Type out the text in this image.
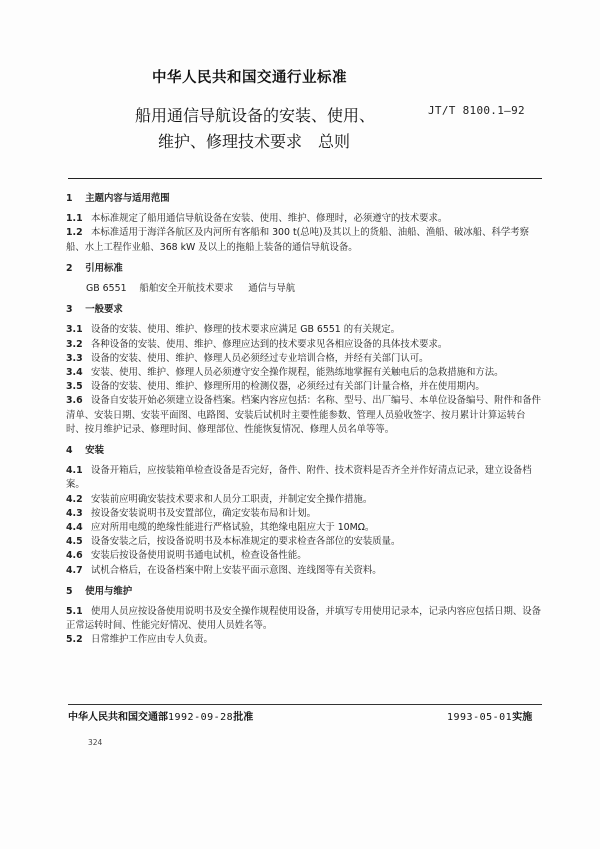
中华人民共和国交通行业标准
JT/T 8100.1—92
船用通信导航设备的安装、使用、
维护、修理技术要求　总则
1 主题内容与适用范围

1.1 本标准规定了船用通信导航设备在安装、使用、维护、修理时，必须遵守的技术要求。

1.2 本标准适用于海洋各航区及内河所有客船和 300 t(总吨)及其以上的货船、油船、渔船、破冰船、科学考察船、水上工程作业船、368 kW 及以上的拖船上装备的通信导航设备。

2 引用标准
GB 6551 船舶安全开航技术要求 通信与导航
3 一般要求

3.1 设备的安装、使用、维护、修理的技术要求应满足 GB 6551 的有关规定。

3.2 各种设备的安装、使用、维护、修理应达到的技术要求见各相应设备的具体技术要求。

3.3 设备的安装、使用、维护、修理人员必须经过专业培训合格，并经有关部门认可。

3.4 安装、使用、维护、修理人员必须遵守安全操作规程，能熟练地掌握有关触电后的急救措施和方法。

3.5 设备的安装、使用、维护、修理所用的检测仪器，必须经过有关部门计量合格，并在使用期内。

3.6 设备自安装开始必须建立设备档案。档案内容应包括：名称、型号、出厂编号、本单位设备编号、附件和备件清单、安装日期、安装平面图、电路图、安装后试机时主要性能参数、管理人员验收签字、按月累计计算运转台时、按月维护记录、修理时间、修理部位、性能恢复情况、修理人员名单等等。

4 安装

4.1 设备开箱后，应按装箱单检查设备是否完好，备件、附件、技术资料是否齐全并作好清点记录，建立设备档案。

4.2 安装前应明确安装技术要求和人员分工职责，并制定安全操作措施。

4.3 按设备安装说明书及安置部位，确定安装布局和计划。

4.4 应对所用电缆的绝缘性能进行严格试验，其绝缘电阻应大于 10MΩ。

4.5 设备安装之后，按设备说明书及本标准规定的要求检查各部位的安装质量。

4.6 安装后按设备使用说明书通电试机，检查设备性能。

4.7 试机合格后，在设备档案中附上安装平面示意图、连线图等有关资料。

5 使用与维护

5.1 使用人员应按设备使用说明书及安全操作规程使用设备，并填写专用使用记录本，记录内容应包括日期、设备正常运转时间、性能完好情况、使用人员姓名等。

5.2 日常维护工作应由专人负责。

中华人民共和国交通部1992-09-28批准	1993-05-01实施
324
